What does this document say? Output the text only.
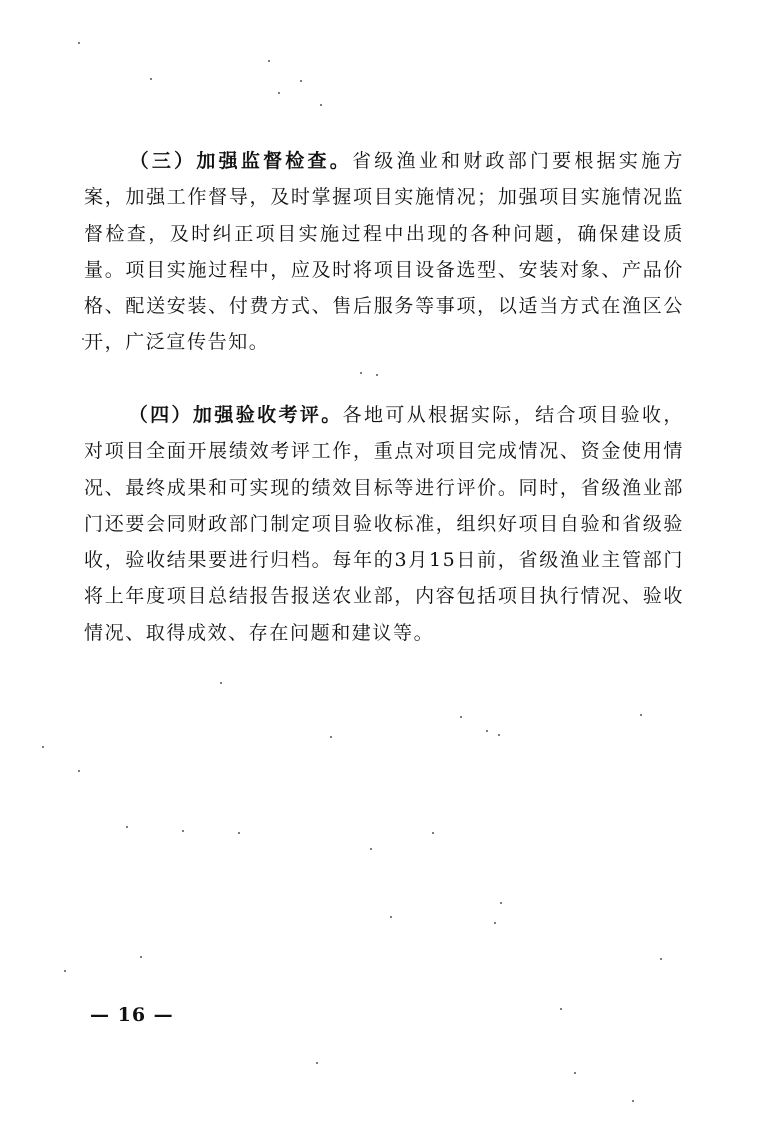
（三）加强监督检查。省级渔业和财政部门要根据实施方案，加强工作督导，及时掌握项目实施情况；加强项目实施情况监督检查，及时纠正项目实施过程中出现的各种问题，确保建设质量。项目实施过程中，应及时将项目设备选型、安装对象、产品价格、配送安装、付费方式、售后服务等事项，以适当方式在渔区公开，广泛宣传告知。

（四）加强验收考评。各地可从根据实际，结合项目验收，对项目全面开展绩效考评工作，重点对项目完成情况、资金使用情况、最终成果和可实现的绩效目标等进行评价。同时，省级渔业部门还要会同财政部门制定项目验收标准，组织好项目自验和省级验收，验收结果要进行归档。每年的3月15日前，省级渔业主管部门将上年度项目总结报告报送农业部，内容包括项目执行情况、验收情况、取得成效、存在问题和建议等。

— 16 —
